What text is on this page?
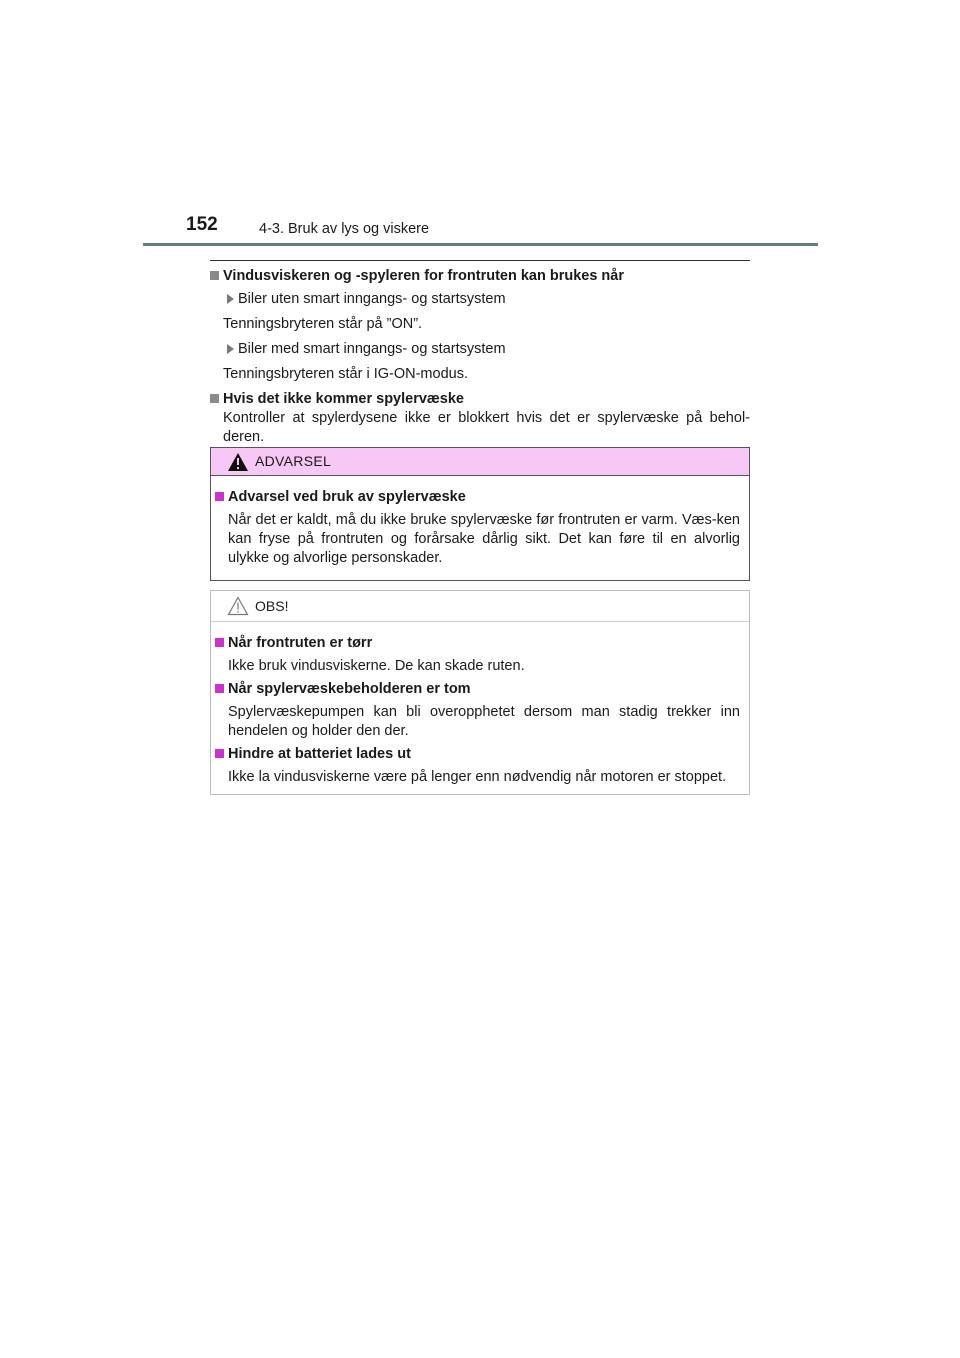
152	4-3. Bruk av lys og viskere
Vindusviskeren og -spyleren for frontruten kan brukes når
Biler uten smart inngangs- og startsystem
Tenningsbryteren står på ”ON”.
Biler med smart inngangs- og startsystem
Tenningsbryteren står i IG-ON-modus.
Hvis det ikke kommer spylervæske
Kontroller at spylerdysene ikke er blokkert hvis det er spylervæske på behol-deren.
ADVARSEL
Advarsel ved bruk av spylervæske
Når det er kaldt, må du ikke bruke spylervæske før frontruten er varm. Væs-ken kan fryse på frontruten og forårsake dårlig sikt. Det kan føre til en alvorlig ulykke og alvorlige personskader.
OBS!
Når frontruten er tørr
Ikke bruk vindusviskerne. De kan skade ruten.
Når spylervæskebeholderen er tom
Spylervæskepumpen kan bli overopphetet dersom man stadig trekker inn hendelen og holder den der.
Hindre at batteriet lades ut
Ikke la vindusviskerne være på lenger enn nødvendig når motoren er stoppet.
